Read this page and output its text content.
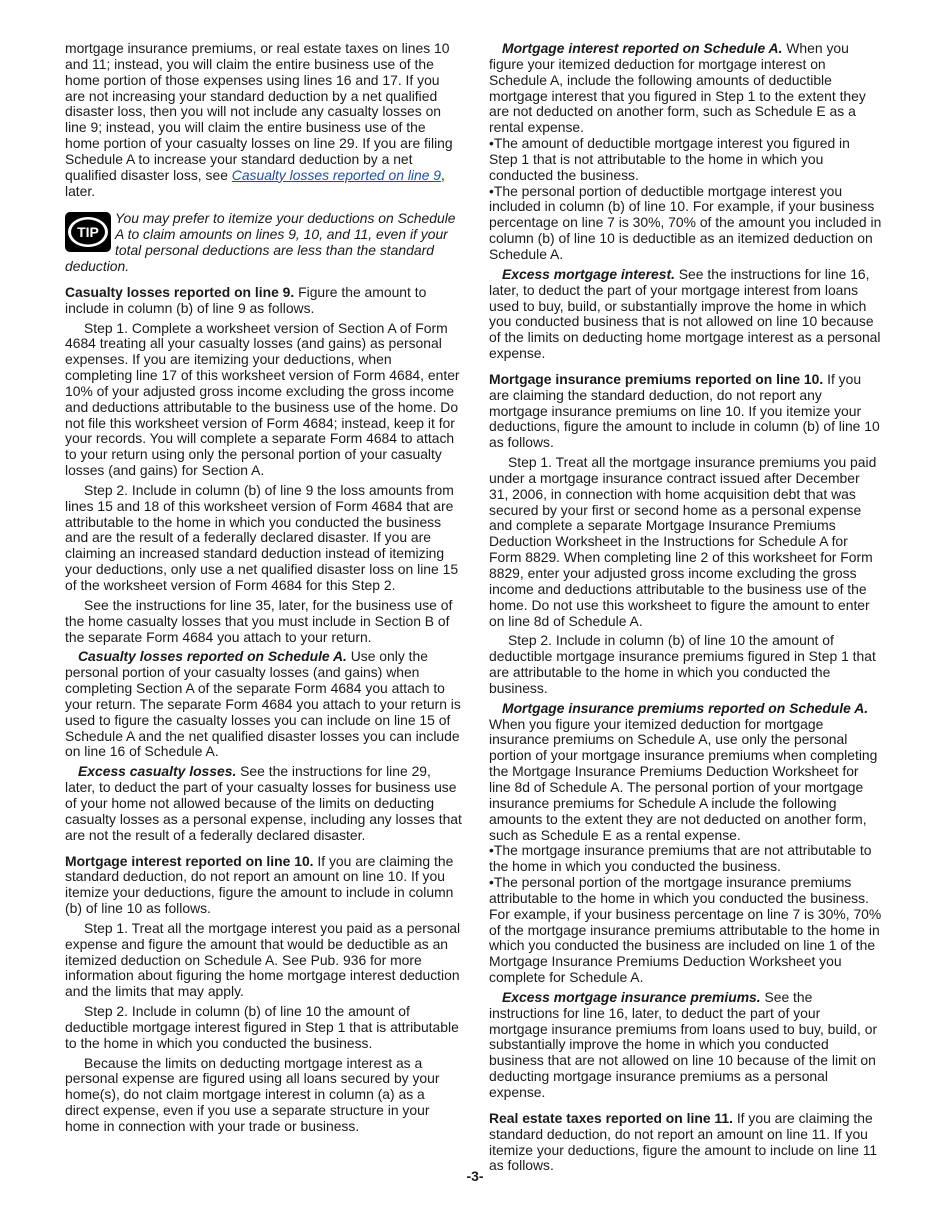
mortgage insurance premiums, or real estate taxes on lines 10 and 11; instead, you will claim the entire business use of the home portion of those expenses using lines 16 and 17. If you are not increasing your standard deduction by a net qualified disaster loss, then you will not include any casualty losses on line 9; instead, you will claim the entire business use of the home portion of your casualty losses on line 29. If you are filing Schedule A to increase your standard deduction by a net qualified disaster loss, see Casualty losses reported on line 9, later.

TIP
You may prefer to itemize your deductions on Schedule A to claim amounts on lines 9, 10, and 11, even if your total personal deductions are less than the standard deduction.

Casualty losses reported on line 9. Figure the amount to include in column (b) of line 9 as follows.

Step 1. Complete a worksheet version of Section A of Form 4684 treating all your casualty losses (and gains) as personal expenses. If you are itemizing your deductions, when completing line 17 of this worksheet version of Form 4684, enter 10% of your adjusted gross income excluding the gross income and deductions attributable to the business use of the home. Do not file this worksheet version of Form 4684; instead, keep it for your records. You will complete a separate Form 4684 to attach to your return using only the personal portion of your casualty losses (and gains) for Section A.

Step 2. Include in column (b) of line 9 the loss amounts from lines 15 and 18 of this worksheet version of Form 4684 that are attributable to the home in which you conducted the business and are the result of a federally declared disaster. If you are claiming an increased standard deduction instead of itemizing your deductions, only use a net qualified disaster loss on line 15 of the worksheet version of Form 4684 for this Step 2.

See the instructions for line 35, later, for the business use of the home casualty losses that you must include in Section B of the separate Form 4684 you attach to your return.

Casualty losses reported on Schedule A. Use only the personal portion of your casualty losses (and gains) when completing Section A of the separate Form 4684 you attach to your return. The separate Form 4684 you attach to your return is used to figure the casualty losses you can include on line 15 of Schedule A and the net qualified disaster losses you can include on line 16 of Schedule A.

Excess casualty losses. See the instructions for line 29, later, to deduct the part of your casualty losses for business use of your home not allowed because of the limits on deducting casualty losses as a personal expense, including any losses that are not the result of a federally declared disaster.

Mortgage interest reported on line 10. If you are claiming the standard deduction, do not report an amount on line 10. If you itemize your deductions, figure the amount to include in column (b) of line 10 as follows.

Step 1. Treat all the mortgage interest you paid as a personal expense and figure the amount that would be deductible as an itemized deduction on Schedule A. See Pub. 936 for more information about figuring the home mortgage interest deduction and the limits that may apply.

Step 2. Include in column (b) of line 10 the amount of deductible mortgage interest figured in Step 1 that is attributable to the home in which you conducted the business.

Because the limits on deducting mortgage interest as a personal expense are figured using all loans secured by your home(s), do not claim mortgage interest in column (a) as a direct expense, even if you use a separate structure in your home in connection with your trade or business.

Mortgage interest reported on Schedule A. When you figure your itemized deduction for mortgage interest on Schedule A, include the following amounts of deductible mortgage interest that you figured in Step 1 to the extent they are not deducted on another form, such as Schedule E as a rental expense.

•The amount of deductible mortgage interest you figured in Step 1 that is not attributable to the home in which you conducted the business.

•The personal portion of deductible mortgage interest you included in column (b) of line 10. For example, if your business percentage on line 7 is 30%, 70% of the amount you included in column (b) of line 10 is deductible as an itemized deduction on Schedule A.

Excess mortgage interest. See the instructions for line 16, later, to deduct the part of your mortgage interest from loans used to buy, build, or substantially improve the home in which you conducted business that is not allowed on line 10 because of the limits on deducting home mortgage interest as a personal expense.

Mortgage insurance premiums reported on line 10. If you are claiming the standard deduction, do not report any mortgage insurance premiums on line 10. If you itemize your deductions, figure the amount to include in column (b) of line 10 as follows.

Step 1. Treat all the mortgage insurance premiums you paid under a mortgage insurance contract issued after December 31, 2006, in connection with home acquisition debt that was secured by your first or second home as a personal expense and complete a separate Mortgage Insurance Premiums Deduction Worksheet in the Instructions for Schedule A for Form 8829. When completing line 2 of this worksheet for Form 8829, enter your adjusted gross income excluding the gross income and deductions attributable to the business use of the home. Do not use this worksheet to figure the amount to enter on line 8d of Schedule A.

Step 2. Include in column (b) of line 10 the amount of deductible mortgage insurance premiums figured in Step 1 that are attributable to the home in which you conducted the business.

Mortgage insurance premiums reported on Schedule A.

When you figure your itemized deduction for mortgage insurance premiums on Schedule A, use only the personal portion of your mortgage insurance premiums when completing the Mortgage Insurance Premiums Deduction Worksheet for line 8d of Schedule A. The personal portion of your mortgage insurance premiums for Schedule A include the following amounts to the extent they are not deducted on another form, such as Schedule E as a rental expense.

•The mortgage insurance premiums that are not attributable to the home in which you conducted the business.

•The personal portion of the mortgage insurance premiums attributable to the home in which you conducted the business. For example, if your business percentage on line 7 is 30%, 70% of the mortgage insurance premiums attributable to the home in which you conducted the business are included on line 1 of the Mortgage Insurance Premiums Deduction Worksheet you complete for Schedule A.

Excess mortgage insurance premiums. See the instructions for line 16, later, to deduct the part of your mortgage insurance premiums from loans used to buy, build, or substantially improve the home in which you conducted business that are not allowed on line 10 because of the limit on deducting mortgage insurance premiums as a personal expense.

Real estate taxes reported on line 11. If you are claiming the standard deduction, do not report an amount on line 11. If you itemize your deductions, figure the amount to include on line 11 as follows.

-3-
